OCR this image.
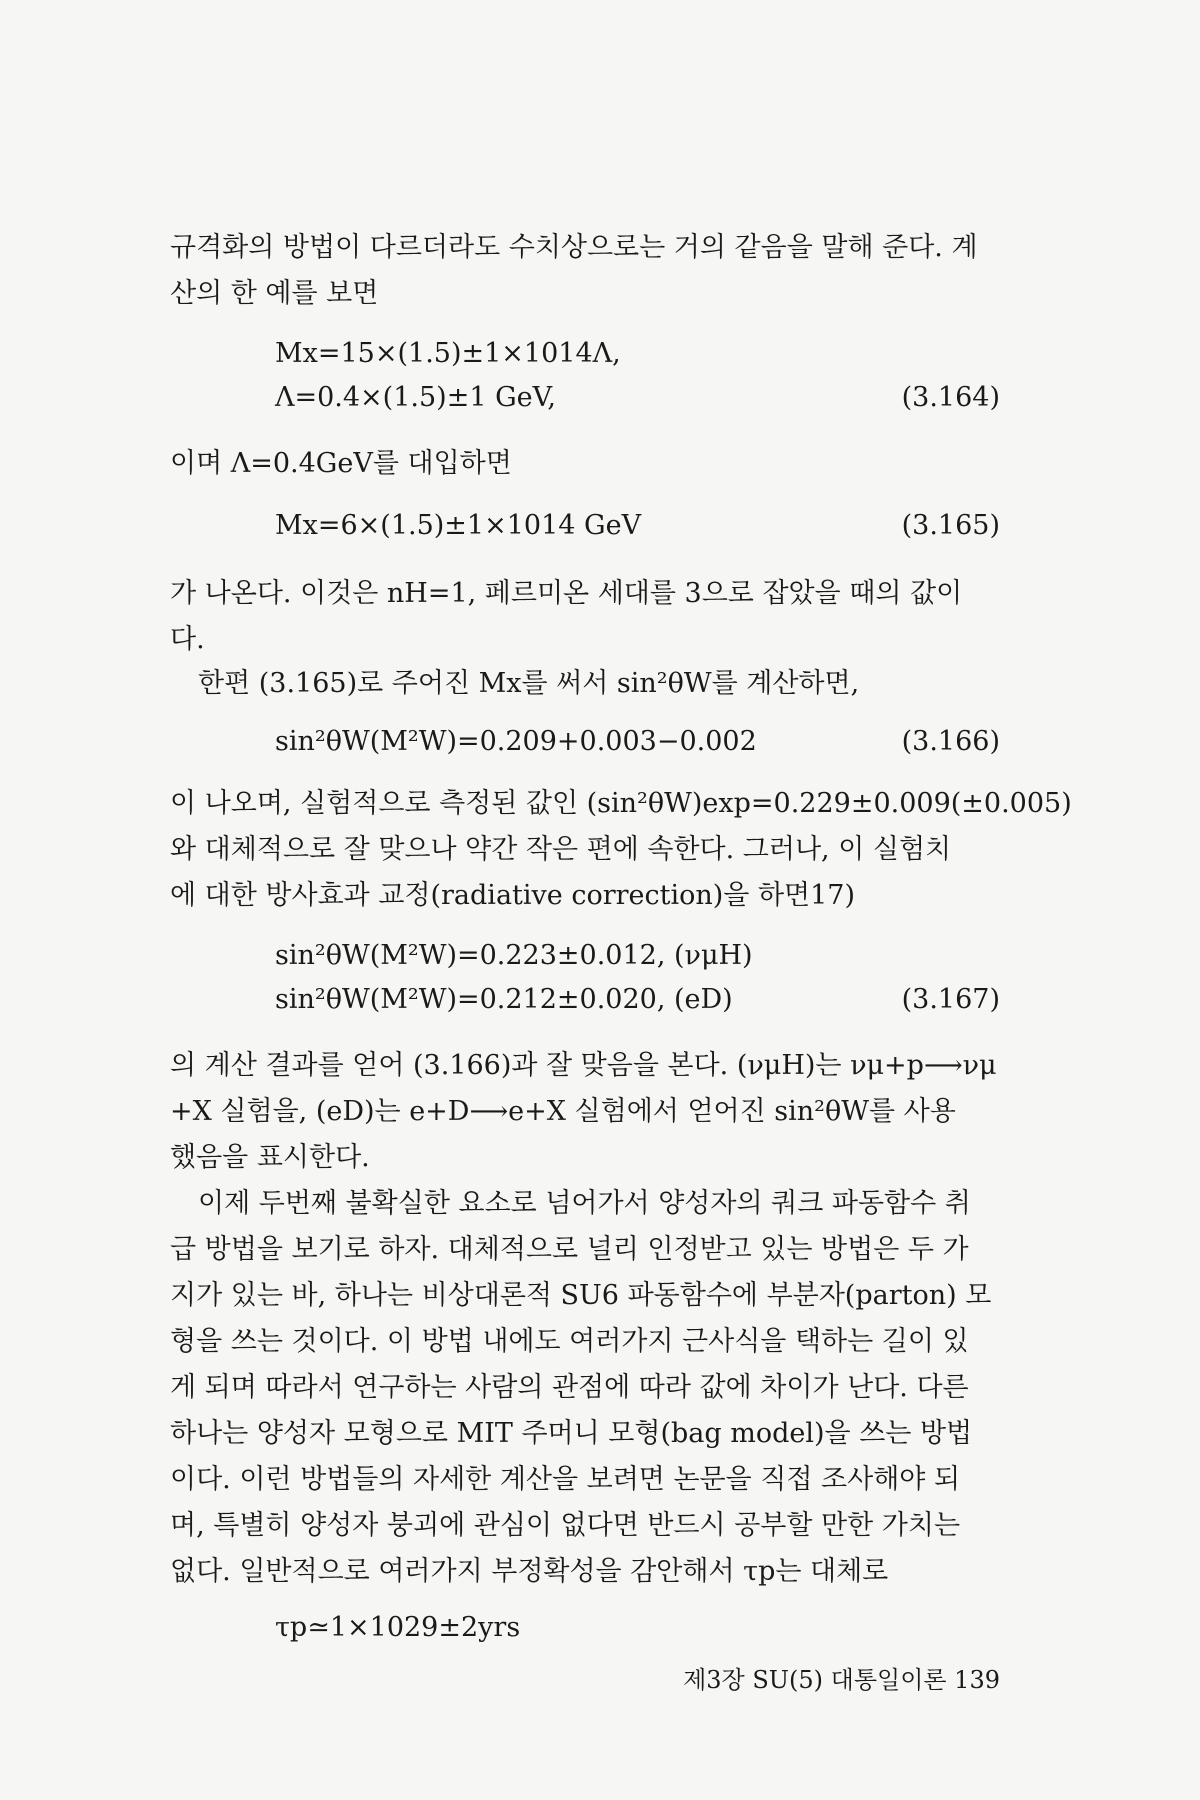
규격화의 방법이 다르더라도 수치상으로는 거의 같음을 말해 준다. 계
산의 한 예를 보면
Mx=15×(1.5)±1×1014Λ,
Λ=0.4×(1.5)±1 GeV,	(3.164)
이며 Λ=0.4GeV를 대입하면
Mx=6×(1.5)±1×1014 GeV	(3.165)
가 나온다. 이것은 nH=1, 페르미온 세대를 3으로 잡았을 때의 값이
다.
한편 (3.165)로 주어진 Mx를 써서 sin²θW를 계산하면,
sin²θW(M²W)=0.209+0.003−0.002	(3.166)
이 나오며, 실험적으로 측정된 값인 (sin²θW)exp=0.229±0.009(±0.005)
와 대체적으로 잘 맞으나 약간 작은 편에 속한다. 그러나, 이 실험치
에 대한 방사효과 교정(radiative correction)을 하면17)
sin²θW(M²W)=0.223±0.012, (νμH)
sin²θW(M²W)=0.212±0.020, (eD)	(3.167)
의 계산 결과를 얻어 (3.166)과 잘 맞음을 본다. (νμH)는 νμ+p⟶νμ
+X 실험을, (eD)는 e+D⟶e+X 실험에서 얻어진 sin²θW를 사용
했음을 표시한다.
이제 두번째 불확실한 요소로 넘어가서 양성자의 쿼크 파동함수 취
급 방법을 보기로 하자. 대체적으로 널리 인정받고 있는 방법은 두 가
지가 있는 바, 하나는 비상대론적 SU6 파동함수에 부분자(parton) 모
형을 쓰는 것이다. 이 방법 내에도 여러가지 근사식을 택하는 길이 있
게 되며 따라서 연구하는 사람의 관점에 따라 값에 차이가 난다. 다른
하나는 양성자 모형으로 MIT 주머니 모형(bag model)을 쓰는 방법
이다. 이런 방법들의 자세한 계산을 보려면 논문을 직접 조사해야 되
며, 특별히 양성자 붕괴에 관심이 없다면 반드시 공부할 만한 가치는
없다. 일반적으로 여러가지 부정확성을 감안해서 τp는 대체로
τp≃1×1029±2yrs
제3장 SU(5) 대통일이론 139
